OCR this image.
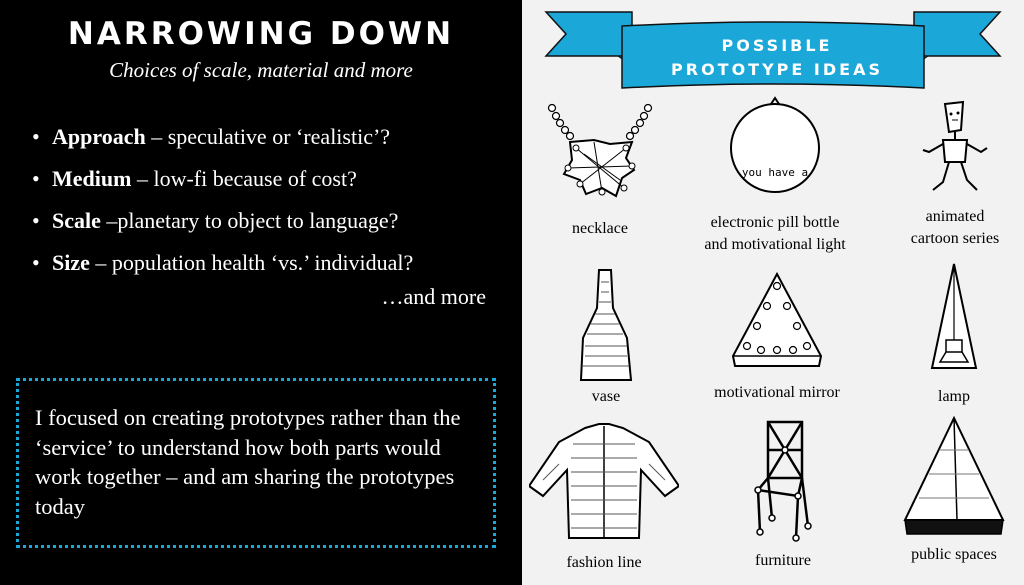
NARROWING DOWN
Choices of scale, material and more
• Approach – speculative or ‘realistic’?
• Medium – low-fi because of cost?
• Scale –planetary to object to language?
• Size – population health ‘vs.’ individual?
…and more

I focused on creating prototypes rather than the ‘service’ to understand how both parts would work together – and am sharing the prototypes today

POSSIBLE
PROTOTYPE IDEAS
necklace
you have a
electronic pill bottle
and motivational light
animated
cartoon series
vase	motivational mirror	lamp
fashion line	furniture	public spaces
